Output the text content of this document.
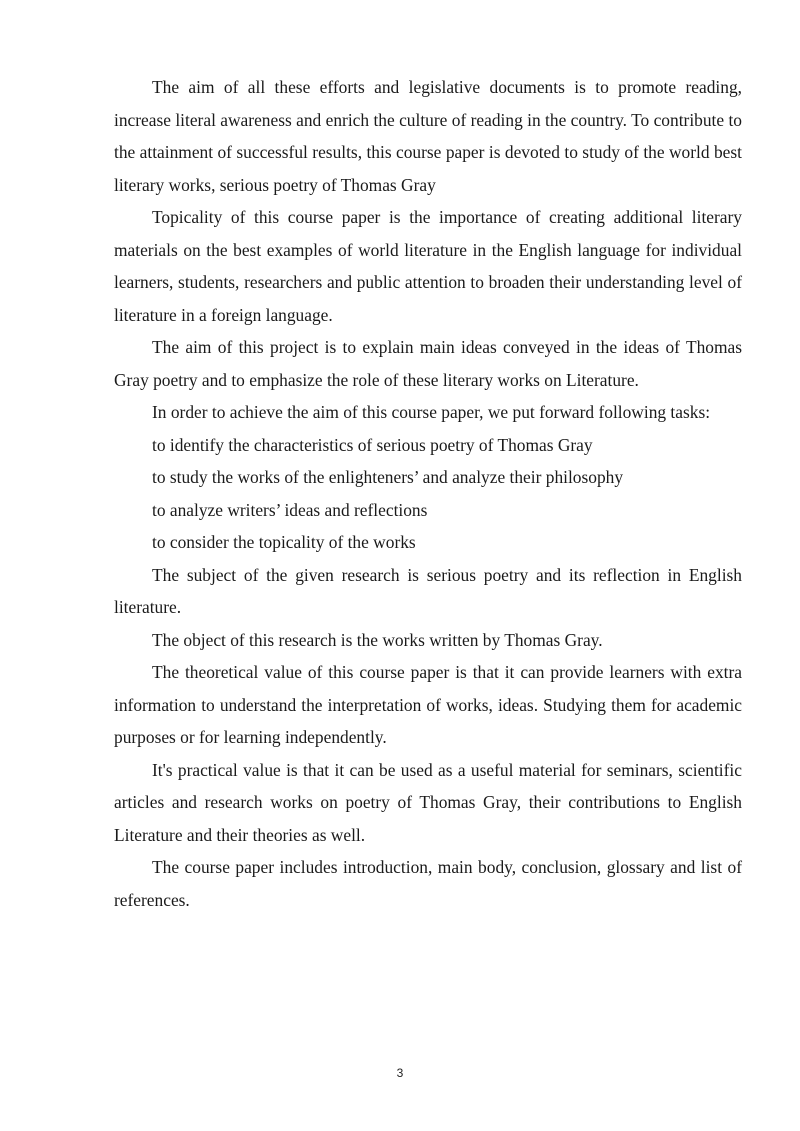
The aim of all these efforts and legislative documents is to promote reading, increase literal awareness and enrich the culture of reading in the country. To contribute to the attainment of successful results, this course paper is devoted to study of the world best literary works, serious poetry of Thomas Gray

Topicality of this course paper is the importance of creating additional literary materials on the best examples of world literature in the English language for individual learners, students, researchers and public attention to broaden their understanding level of literature in a foreign language.

The aim of this project is to explain main ideas conveyed in the ideas of Thomas Gray poetry and to emphasize the role of these literary works on Literature.

In order to achieve the aim of this course paper, we put forward following tasks:

to identify the characteristics of serious poetry of Thomas Gray

to study the works of the enlighteners’ and analyze their philosophy

to analyze writers’ ideas and reflections

to consider the topicality of the works

The subject of the given research is serious poetry and its reflection in English literature.

The object of this research is the works written by Thomas Gray.

The theoretical value of this course paper is that it can provide learners with extra information to understand the interpretation of works, ideas. Studying them for academic purposes or for learning independently.

It's practical value is that it can be used as a useful material for seminars, scientific articles and research works on poetry of Thomas Gray, their contributions to English Literature and their theories as well.

The course paper includes introduction, main body, conclusion, glossary and list of references.

3
